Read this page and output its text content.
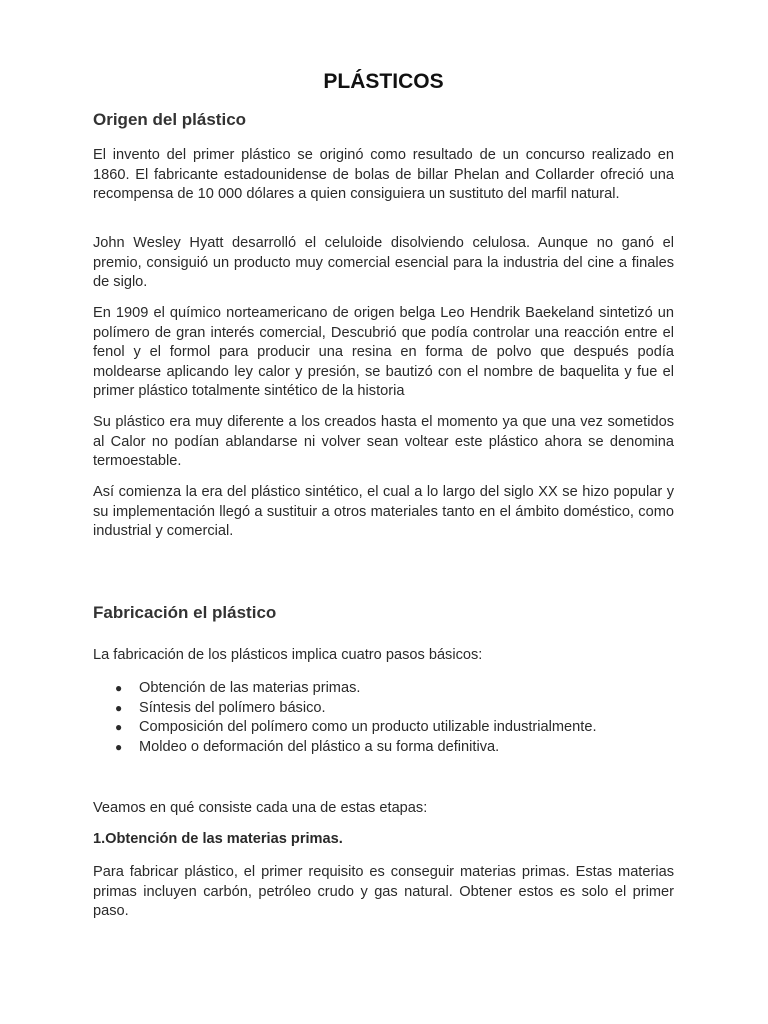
PLÁSTICOS
Origen del plástico

El invento del primer plástico se originó como resultado de un concurso realizado en 1860. El fabricante estadounidense de bolas de billar Phelan and Collarder ofreció una recompensa de 10 000 dólares a quien consiguiera un sustituto del marfil natural.

John Wesley Hyatt desarrolló el celuloide disolviendo celulosa. Aunque no ganó el premio, consiguió un producto muy comercial esencial para la industria del cine a finales de siglo.

En 1909 el químico norteamericano de origen belga Leo Hendrik Baekeland sintetizó un polímero de gran interés comercial, Descubrió que podía controlar una reacción entre el fenol y el formol para producir una resina en forma de polvo que después podía moldearse aplicando ley calor y presión, se bautizó con el nombre de baquelita y fue el primer plástico totalmente sintético de la historia

Su plástico era muy diferente a los creados hasta el momento ya que una vez sometidos al Calor no podían ablandarse ni volver sean voltear este plástico ahora se denomina termoestable.

Así comienza la era del plástico sintético, el cual a lo largo del siglo XX se hizo popular y su implementación llegó a sustituir a otros materiales tanto en el ámbito doméstico, como industrial y comercial.

Fabricación el plástico

La fabricación de los plásticos implica cuatro pasos básicos:

● Obtención de las materias primas.
● Síntesis del polímero básico.
● Composición del polímero como un producto utilizable industrialmente.
● Moldeo o deformación del plástico a su forma definitiva.

Veamos en qué consiste cada una de estas etapas:

1.Obtención de las materias primas.

Para fabricar plástico, el primer requisito es conseguir materias primas. Estas materias primas incluyen carbón, petróleo crudo y gas natural. Obtener estos es solo el primer paso.
